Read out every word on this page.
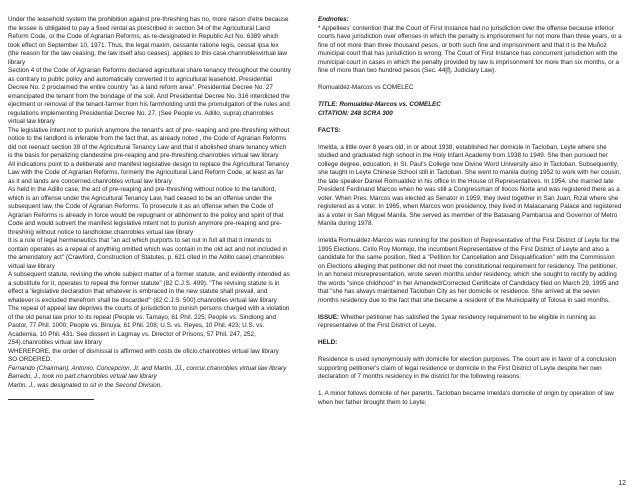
Under the leasehold system the prohibition against pre-threshing has no, more raison d'etre because the lessee is obligated to pay a fixed rental as prescribed in section 34 of the Agricultural Land Reform Code, or the Code of Agrarian Reforms, as re-designated in Republic Act No. 6389 which took effect on September 10, 1971. Thus, the legal maxim, cessante ratione legis, cessat ipsa lex (the reason for the law ceasing, the law itself also ceases). applies to this case.chanroblesvirtual law library

Section 4 of the Code of Agrarian Reforms declared agricultural share tenancy throughout the country as contrary to public policy and automatically converted it to agricultural leasehold. Presidential Decree No. 2 proclaimed the entire country "as a land reform area". Presidential Decree No. 27 emancipated the tenant from the bondage of the soil. And Presidential Decree No. 316 interdicted the ejectment or removal of the tenant-farmer from his farmholding until the promulgation of the rules and regulations implementing Presidential Decree No. 27. (See People vs. Adillo, supra).chanrobles virtual law library

The legislative intent not to punish anymore the tenant's act of pre- reaping and pre-threshing without notice to the landlord is inferable from the fact that, as already noted , the Code of Agrarian Reforms did not reenact section 39 of the Agricultural Tenancy Law and that it abolished share tenancy which is the basis for penalizing clandestine pre-reaping and pre-threshing.chanrobles virtual law library

All indications point to a deliberate and manifest legislative design to replace the Agricultural Tenancy Law with the Code of Agrarian Reforms, formerly the Agricultural Land Reform Code, at least as far as it and lands are concerned.chanrobles virtual law library

As held in the Adillo case, the act of pre-reaping and pre-threshing without notice to the landlord, which is an offense under the Agricultural Tenancy Law, had ceased to be an offense under the subsequent law, the Code of Agrarian Reforms. To prosecute it as an offense when the Code of Agrarian Reforms is already in force would be repugnant or abhorrent to the policy and spirit of that Code and would subvert the manifest legislative intent not to punish anymore pre-reaping and pre-threshing without notice to landholder.chanrobles virtual law library

It is a rule of legal hermeneutics that "an act which purports to set out in full all that it intends to contain operates as a repeal of anything omitted which was contain in the old act and not included in the amendatory act" (Crawford, Construction of Statutes, p. 621 cited in the Adillo case).chanrobles virtual law library

A subsequent statute, revising the whole subject matter of a former statute, and evidently intended as a substitute for it, operates to repeal the former statute" (82 C.J.S. 499). "The revising statute is in effect a 'legislative declaration that whatever is embraced in the new statute shall prevail, and whatever is excluded therefrom shall be discarded'" (82 C.J.S. 500).chanrobles virtual law library

The repeal of appeal law deprives the courts of jurisdiction to punish persons charged with a violation of the old penal law prior to its repeal (People vs. Tamayo, 61 Phil. 225; People vs. Sindiong and Pastor, 77 Phil. 1000; People vs. Binuya, 61 Phil. 208; U.S. vs. Reyes, 10 Phil. 423; U.S. vs. Academia, 10 Phil. 431. See dissent in Lagmay vs. Director of Prisons, 57 Phil. 247, 252, 254).chanrobles virtual law library

WHEREFORE, the order of dismissal is affirmed with costs de oficio.chanrobles virtual law library

SO ORDERED.

Fernando (Chairman), Antonio, Concepcion, Jr. and Martin, JJ., concur.chanrobles virtual law library

Barredo, J., took no part.chanrobles virtual law library

Martin, J., was designated to sit in the Second Division.

Endnotes:

* Appellees' contention that the Court of First Instance had no jurisdiction over the offense because inferior courts have jurisdiction over offenses in which the penalty is imprisonment for not more than three years, or a fine of not more than three thousand pesos, or both such fine and imprisonment and that it is the Muñoz municipal court that has jurisdiction is wrong. The Court of First Instance has concurrent jurisdiction with the municipal court in cases in which the penalty provided by law is imprisonment for more than six months, or a fine of more than two hundred pesos (Sec. 44[f], Judiciary Law).

Romualdez-Marcos vs COMELEC

TITLE: Romualdez-Marcos vs. COMELEC

CITATION: 248 SCRA 300

FACTS:

Imelda, a little over 8 years old, in or about 1938, established her domicile in Tacloban, Leyte where she studied and graduated high school in the Holy Infant Academy from 1938 to 1949. She then pursued her college degree, education, in St. Paul's College now Divine Word University also in Tacloban. Subsequently, she taught in Leyte Chinese School still in Tacloban. She went to manila during 1952 to work with her cousin, the late speaker Daniel Romualdez in his office in the House of Representatives. In 1954, she married late President Ferdinand Marcos when he was still a Congressman of Ilocos Norte and was registered there as a voter. When Pres. Marcos was elected as Senator in 1959, they lived together in San Juan, Rizal where she registered as a voter. In 1965, when Marcos won presidency, they lived in Malacanang Palace and registered as a voter in San Miguel Manila. She served as member of the Batasang Pambansa and Governor of Metro Manila during 1978.

Imelda Romualdez-Marcos was running for the position of Representative of the First District of Leyte for the 1995 Elections. Cirilo Roy Montejo, the incumbent Representative of the First District of Leyte and also a candidate for the same position, filed a "Petition for Cancellation and Disqualification" with the Commission on Elections alleging that petitioner did not meet the constitutional requirement for residency. The petitioner, in an honest misrepresentation, wrote seven months under residency, which she sought to rectify by adding the words "since childhood" in her Amended/Corrected Certificate of Candidacy filed on March 29, 1995 and that "she has always maintained Tacloban City as her domicile or residence. She arrived at the seven months residency due to the fact that she became a resident of the Municipality of Tolosa in said months.

ISSUE: Whether petitioner has satisfied the 1year residency requirement to be eligible in running as representative of the First District of Leyte.

HELD:

Residence is used synonymously with domicile for election purposes. The court are in favor of a conclusion supporting petitioner's claim of legal residence or domicile in the First District of Leyte despite her own declaration of 7 months residency in the district for the following reasons:

1. A minor follows domicile of her parents. Tacloban became Imelda's domicile of origin by operation of law when her father brought them to Leyte;

12
